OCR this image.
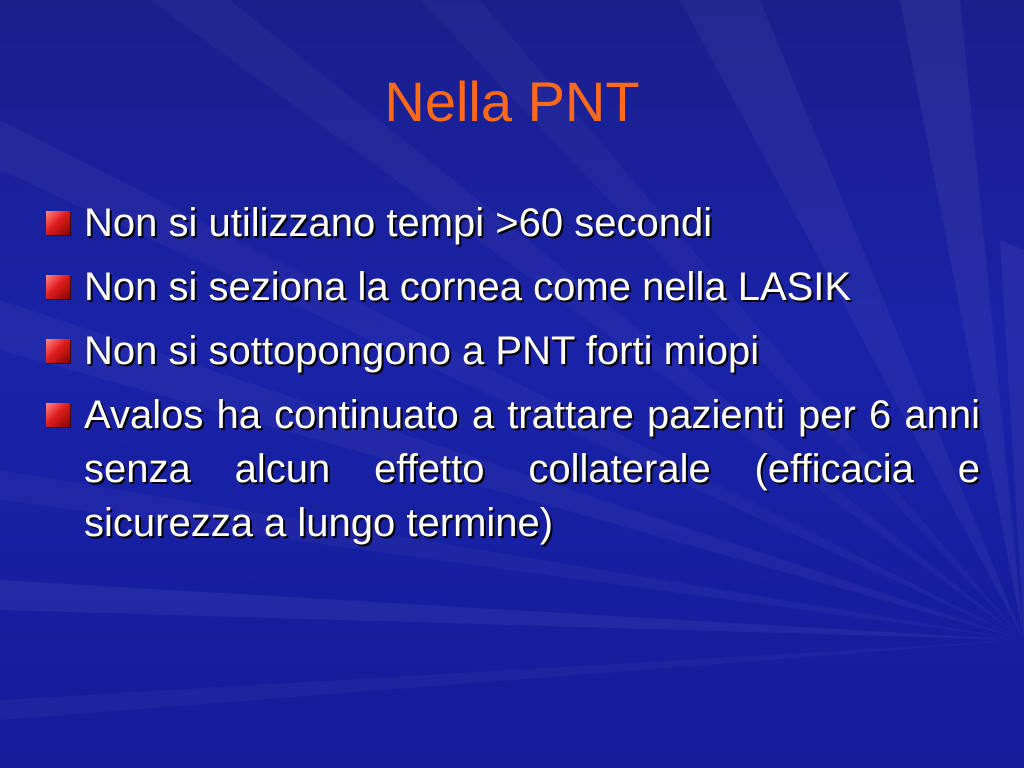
Nella PNT
Non si utilizzano tempi >60 secondi
Non si seziona la cornea come nella LASIK
Non si sottopongono a PNT forti miopi
Avalos ha continuato a trattare pazienti per 6 anni senza alcun effetto collaterale (efficacia e sicurezza a lungo termine)
